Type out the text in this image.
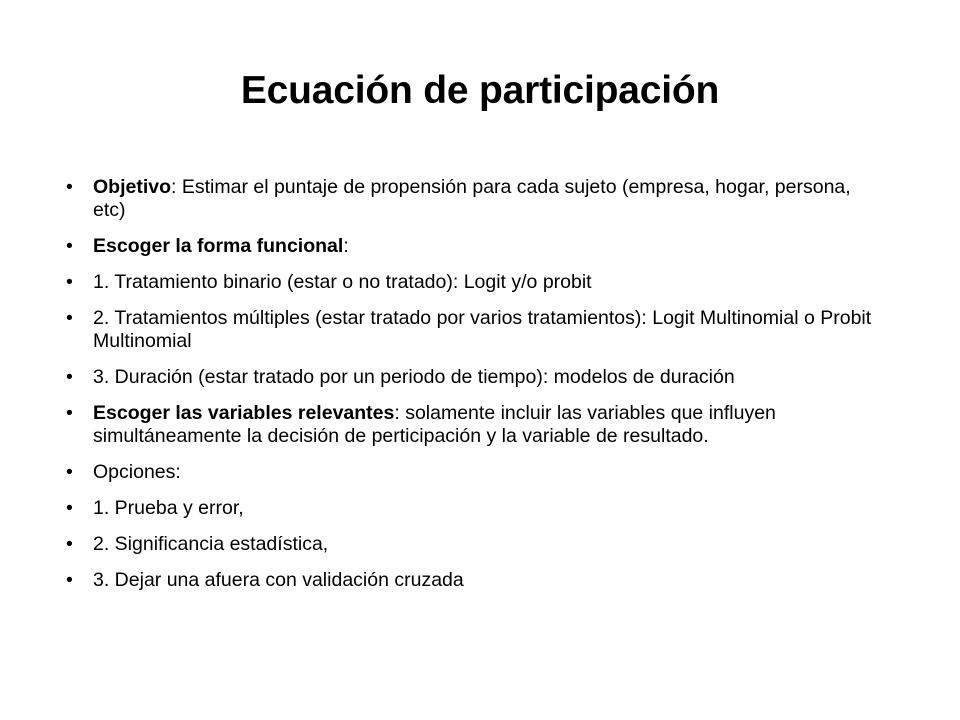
Ecuación de participación
• Objetivo: Estimar el puntaje de propensión para cada sujeto (empresa, hogar, persona, etc)
• Escoger la forma funcional:
• 1. Tratamiento binario (estar o no tratado): Logit y/o probit
• 2. Tratamientos múltiples (estar tratado por varios tratamientos): Logit Multinomial o Probit Multinomial
• 3. Duración (estar tratado por un periodo de tiempo): modelos de duración
• Escoger las variables relevantes: solamente incluir las variables que influyen simultáneamente la decisión de perticipación y la variable de resultado.
• Opciones:
• 1. Prueba y error,
• 2. Significancia estadística,
• 3. Dejar una afuera con validación cruzada
